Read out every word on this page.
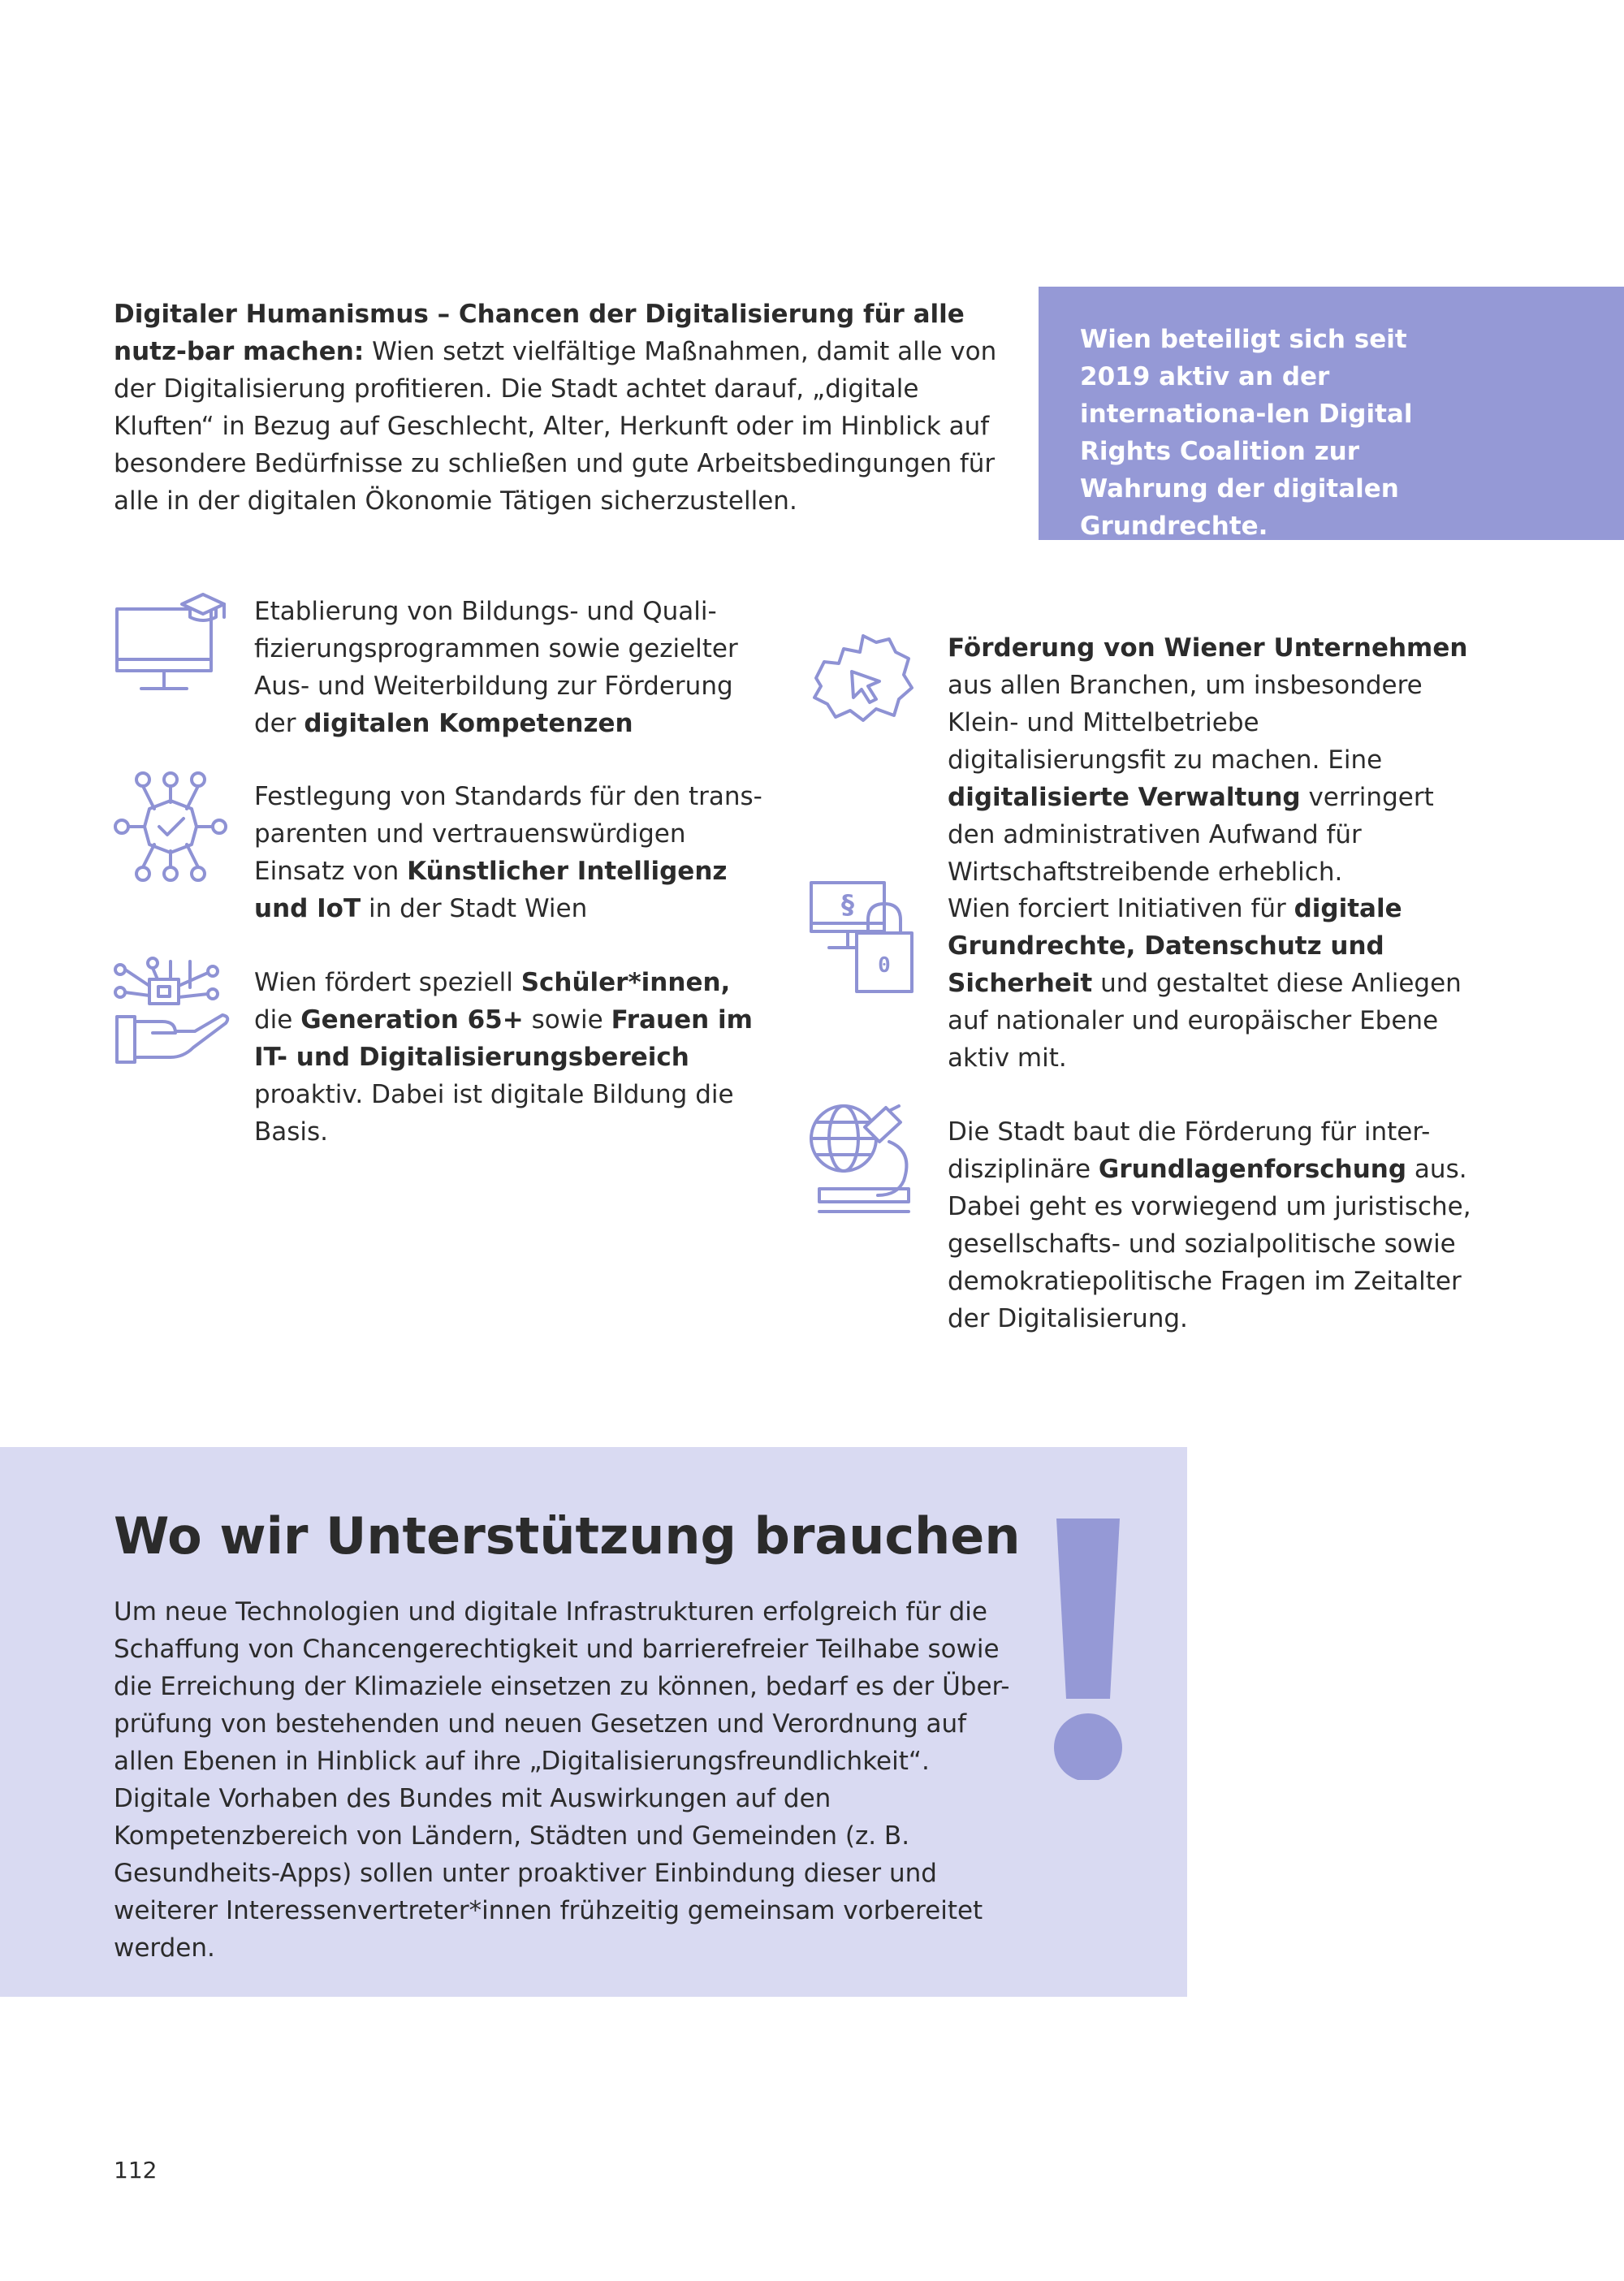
Digitaler Humanismus – Chancen der Digitalisierung für alle nutz-bar machen: Wien setzt vielfältige Maßnahmen, damit alle von der Digitalisierung profitieren. Die Stadt achtet darauf, „digitale Kluften“ in Bezug auf Geschlecht, Alter, Herkunft oder im Hinblick auf besondere Bedürfnisse zu schließen und gute Arbeitsbedingungen für alle in der digitalen Ökonomie Tätigen sicherzustellen.

Wien beteiligt sich seit 2019 aktiv an der internationa-len Digital Rights Coalition zur Wahrung der digitalen Grundrechte.

Etablierung von Bildungs- und Quali-fizierungsprogrammen sowie gezielter Aus- und Weiterbildung zur Förderung der digitalen Kompetenzen

Festlegung von Standards für den trans-parenten und vertrauenswürdigen Einsatz von Künstlicher Intelligenz und IoT in der Stadt Wien

Wien fördert speziell Schüler*innen, die Generation 65+ sowie Frauen im IT- und Digitalisierungsbereich proaktiv. Dabei ist digitale Bildung die Basis.

Förderung von Wiener Unternehmen aus allen Branchen, um insbesondere Klein- und Mittelbetriebe digitalisierungsfit zu machen. Eine digitalisierte Verwaltung verringert den administrativen Aufwand für Wirtschaftstreibende erheblich.

§
0

Wien forciert Initiativen für digitale Grundrechte, Datenschutz und Sicherheit und gestaltet diese Anliegen auf nationaler und europäischer Ebene aktiv mit.

Die Stadt baut die Förderung für inter-disziplinäre Grundlagenforschung aus. Dabei geht es vorwiegend um juristische, gesellschafts- und sozialpolitische sowie demokratiepolitische Fragen im Zeitalter der Digitalisierung.

Wo wir Unterstützung brauchen

Um neue Technologien und digitale Infrastrukturen erfolgreich für die Schaffung von Chancengerechtigkeit und barrierefreier Teilhabe sowie die Erreichung der Klimaziele einsetzen zu können, bedarf es der Über-prüfung von bestehenden und neuen Gesetzen und Verordnung auf allen Ebenen in Hinblick auf ihre „Digitalisierungsfreundlichkeit“. Digitale Vorhaben des Bundes mit Auswirkungen auf den Kompetenzbereich von Ländern, Städten und Gemeinden (z. B. Gesundheits-Apps) sollen unter proaktiver Einbindung dieser und weiterer Interessenvertreter*innen frühzeitig gemeinsam vorbereitet werden.

112
